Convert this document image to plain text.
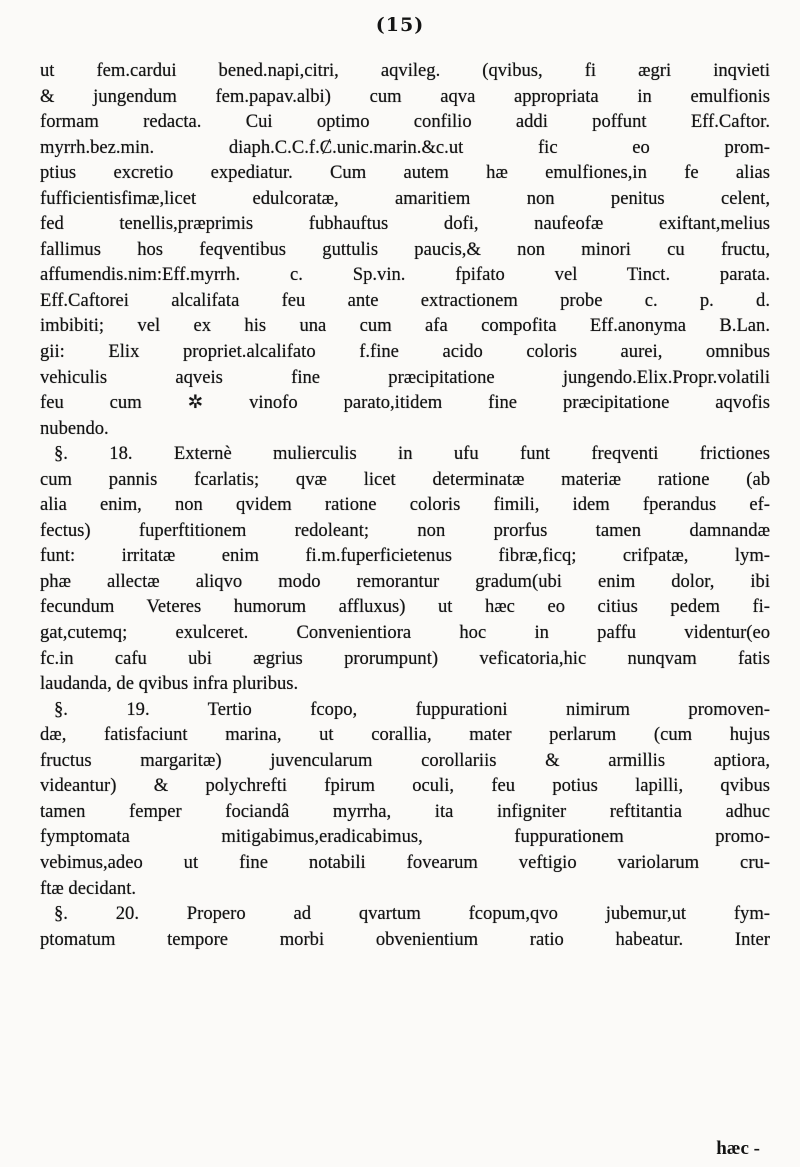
(15)
ut fem.cardui bened.napi,citri, aqvileg. (qvibus, fi ægri inqvieti
& jungendum fem.papav.albi) cum aqva appropriata in emulfionis
formam redacta. Cui optimo confilio addi poffunt Eff.Caftor.
myrrh.bez.min. diaph.C.C.f.Ȼ.unic.marin.&c.ut fic eo prom-
ptius excretio expediatur. Cum autem hæ emulfiones,in fe alias
fufficientisfimæ,licet edulcoratæ, amaritiem non penitus celent,
fed tenellis,præprimis fubhauftus dofi, naufeofæ exiftant,melius
fallimus hos feqventibus guttulis paucis,& non minori cu fructu,
affumendis.nim:Eff.myrrh. c. Sp.vin. fpifato vel Tinct. parata.
Eff.Caftorei alcalifata feu ante extractionem probe c. p. d.
imbibiti; vel ex his una cum afa compofita Eff.anonyma B.Lan.
gii: Elix propriet.alcalifato f.fine acido coloris aurei, omnibus
vehiculis aqveis fine præcipitatione jungendo.Elix.Propr.volatili
feu cum ✲ vinofo parato,itidem fine præcipitatione aqvofis
nubendo.
§. 18. Externè mulierculis in ufu funt freqventi frictiones
cum pannis fcarlatis; qvæ licet determinatæ materiæ ratione (ab
alia enim, non qvidem ratione coloris fimili, idem fperandus ef-
fectus) fuperftitionem redoleant; non prorfus tamen damnandæ
funt: irritatæ enim fi.m.fuperficietenus fibræ,ficq; crifpatæ, lym-
phæ allectæ aliqvo modo remorantur gradum(ubi enim dolor, ibi
fecundum Veteres humorum affluxus) ut hæc eo citius pedem fi-
gat,cutemq; exulceret. Convenientiora hoc in paffu videntur(eo
fc.in cafu ubi ægrius prorumpunt) veficatoria,hic nunqvam fatis
laudanda, de qvibus infra pluribus.
§. 19. Tertio fcopo, fuppurationi nimirum promoven-
dæ, fatisfaciunt marina, ut corallia, mater perlarum (cum hujus
fructus margaritæ) juvencularum corollariis & armillis aptiora,
videantur) & polychrefti fpirum oculi, feu potius lapilli, qvibus
tamen femper fociandâ myrrha, ita infigniter reftitantia adhuc
fymptomata mitigabimus,eradicabimus, fuppurationem promo-
vebimus,adeo ut fine notabili fovearum veftigio variolarum cru-
ftæ decidant.
§. 20. Propero ad qvartum fcopum,qvo jubemur,ut fym-
ptomatum tempore morbi obvenientium ratio habeatur. Inter
hæc -
